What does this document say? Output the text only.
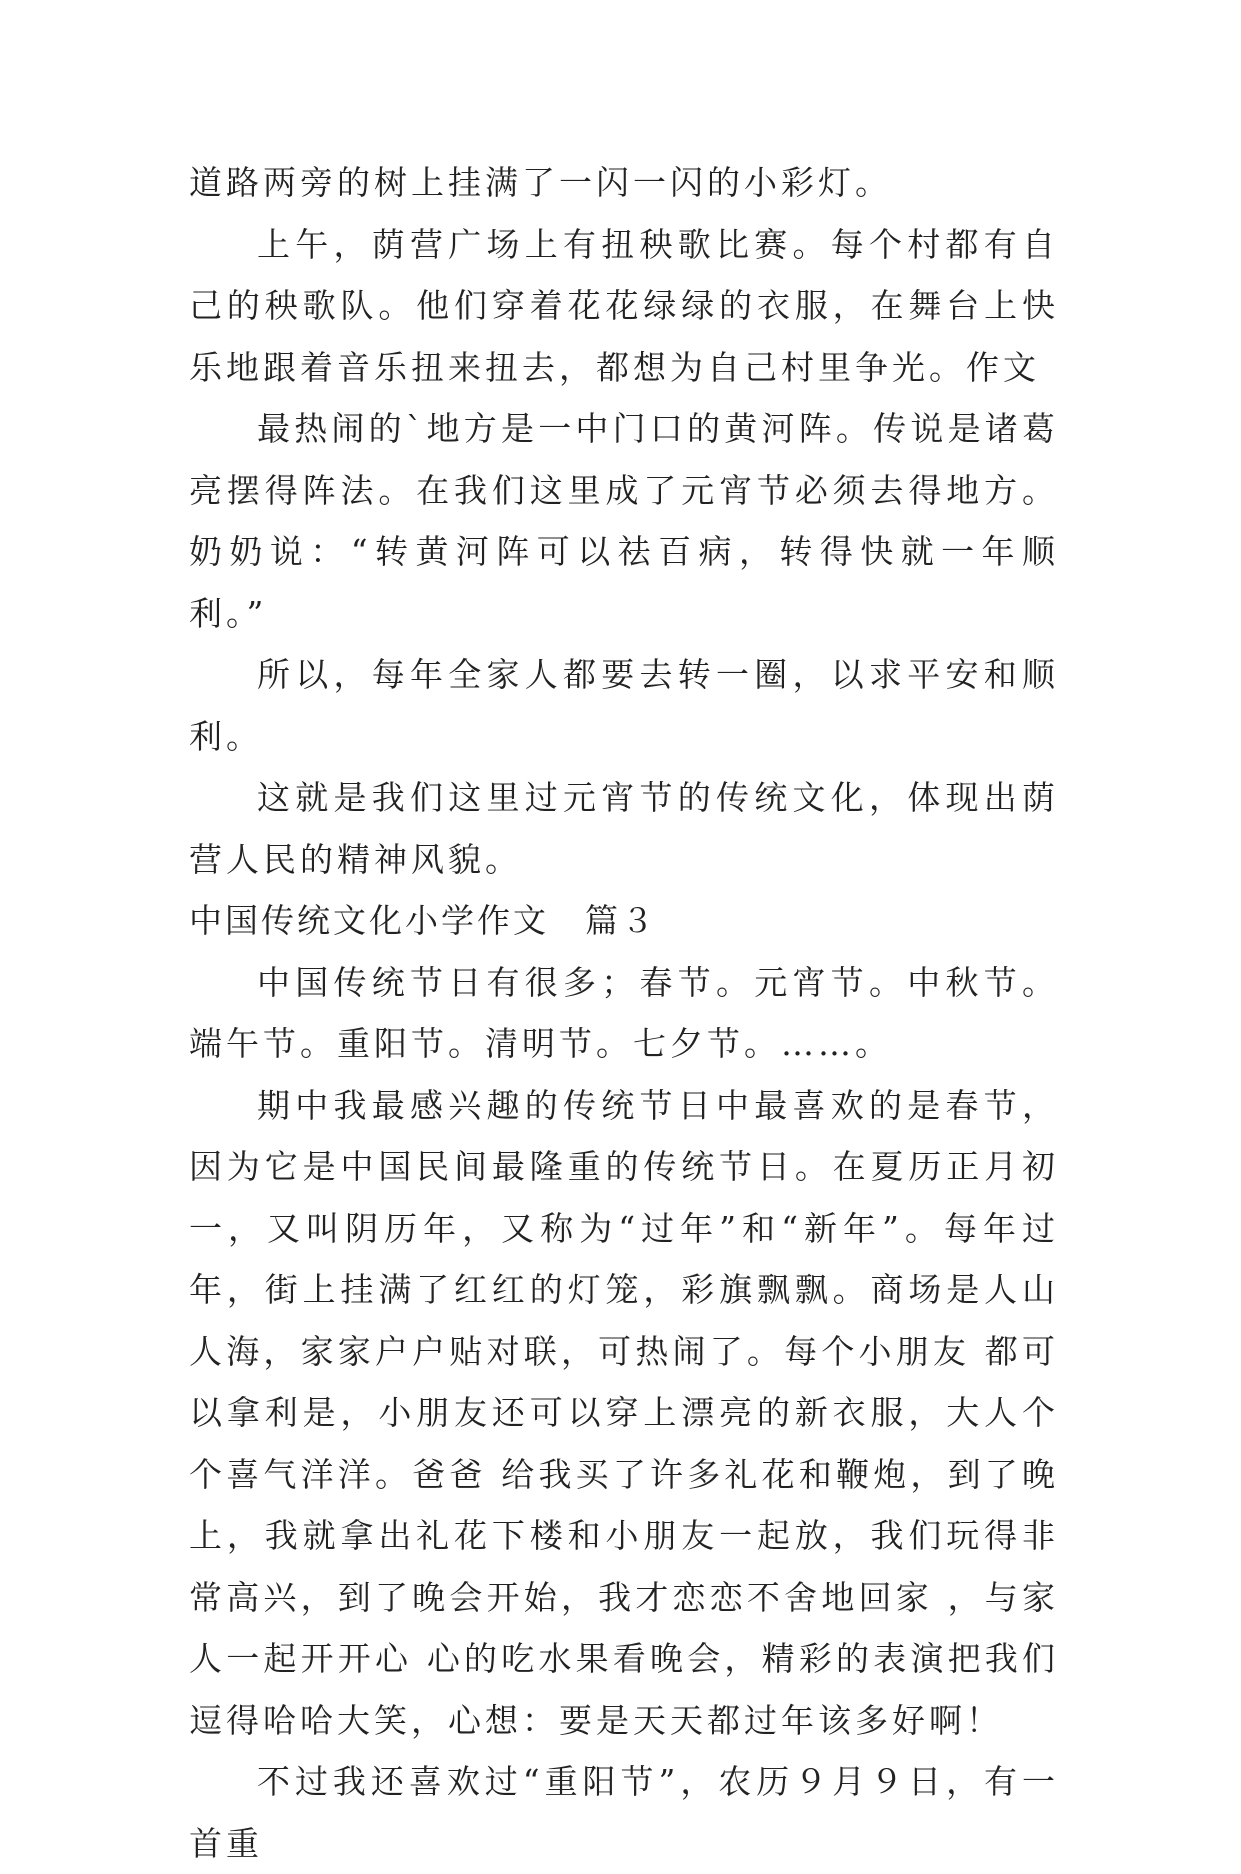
道路两旁的树上挂满了一闪一闪的小彩灯。

上午，荫营广场上有扭秧歌比赛。每个村都有自己的秧歌队。他们穿着花花绿绿的衣服，在舞台上快乐地跟着音乐扭来扭去，都想为自己村里争光。作文

最热闹的`地方是一中门口的黄河阵。传说是诸葛亮摆得阵法。在我们这里成了元宵节必须去得地方。奶奶说：“转黄河阵可以祛百病，转得快就一年顺利。”

所以，每年全家人都要去转一圈，以求平安和顺利。

这就是我们这里过元宵节的传统文化，体现出荫营人民的精神风貌。

中国传统文化小学作文　篇３

中国传统节日有很多；春节。元宵节。中秋节。端午节。重阳节。清明节。七夕节。……。

期中我最感兴趣的传统节日中最喜欢的是春节，因为它是中国民间最隆重的传统节日。在夏历正月初一，又叫阴历年，又称为“过年”和“新年”。每年过年，街上挂满了红红的灯笼，彩旗飘飘。商场是人山人海，家家户户贴对联，可热闹了。每个小朋友 都可以拿利是，小朋友还可以穿上漂亮的新衣服，大人个个喜气洋洋。爸爸 给我买了许多礼花和鞭炮，到了晚上，我就拿出礼花下楼和小朋友一起放，我们玩得非常高兴，到了晚会开始，我才恋恋不舍地回家 ，与家人一起开开心 心的吃水果看晚会，精彩的表演把我们逗得哈哈大笑，心想：要是天天都过年该多好啊！

不过我还喜欢过“重阳节”，农历９月９日，有一首重
